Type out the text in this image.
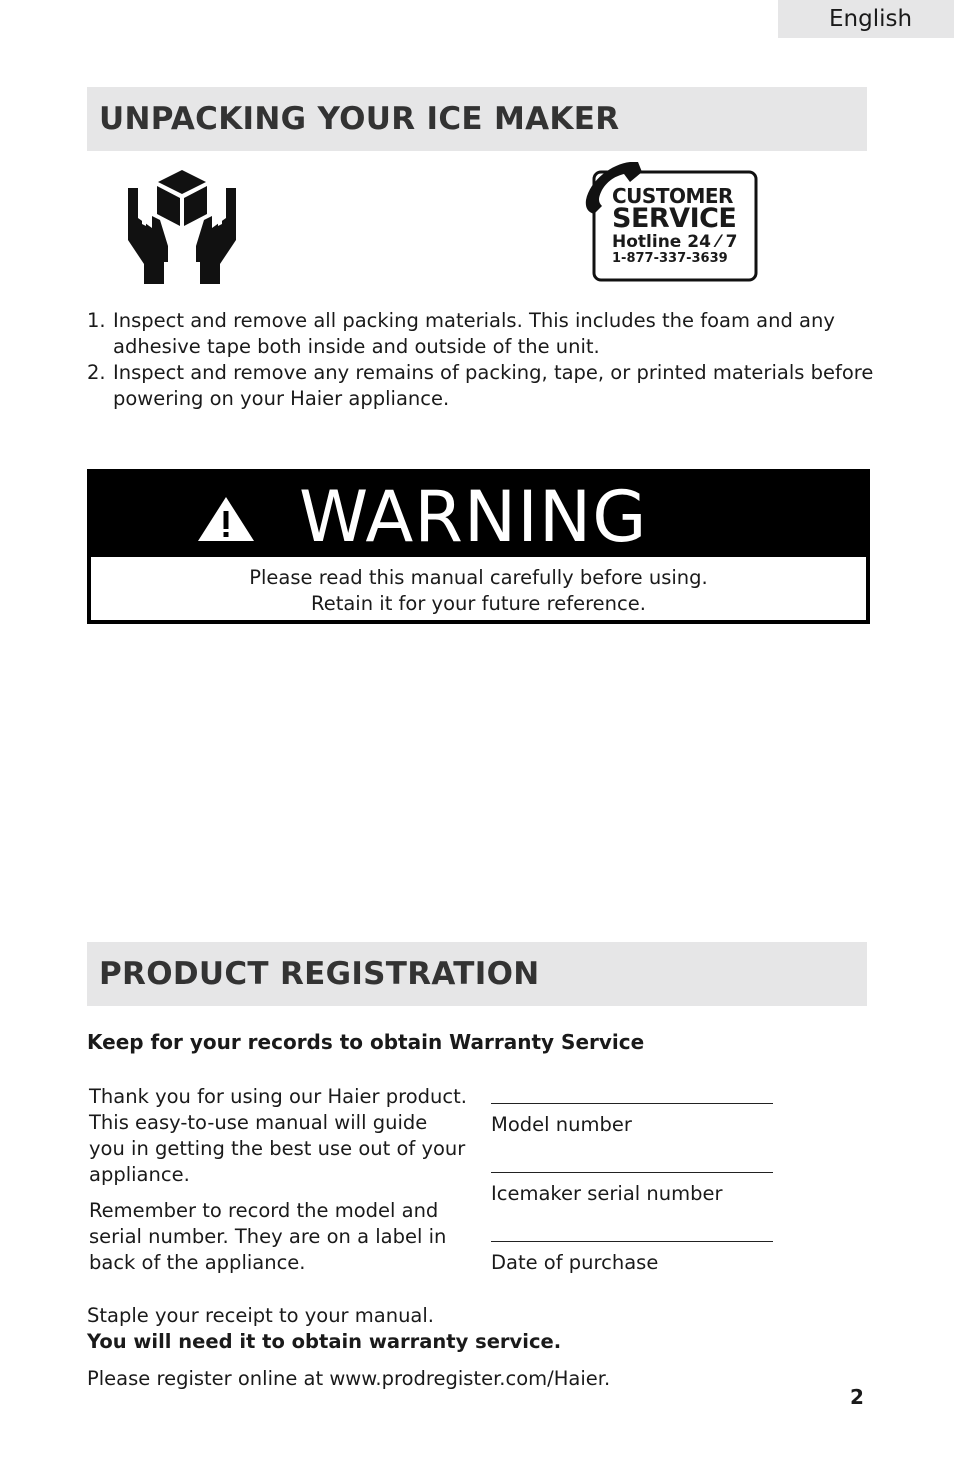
English
UNPACKING YOUR ICE MAKER
CUSTOMER
SERVICE
Hotline 24 ⁄ 7
1-877-337-3639
1. Inspect and remove all packing materials. This includes the foam and any adhesive tape both inside and outside of the unit.
2. Inspect and remove any remains of packing, tape, or printed materials before powering on your Haier appliance.
WARNING
Please read this manual carefully before using.
Retain it for your future reference.
PRODUCT REGISTRATION
Keep for your records to obtain Warranty Service

Thank you for using our Haier product. This easy-to-use manual will guide you in getting the best use out of your appliance.

Remember to record the model and serial number. They are on a label in back of the appliance.

Model number
Icemaker serial number
Date of purchase
Staple your receipt to your manual.
You will need it to obtain warranty service.
Please register online at www.prodregister.com/Haier.
2
